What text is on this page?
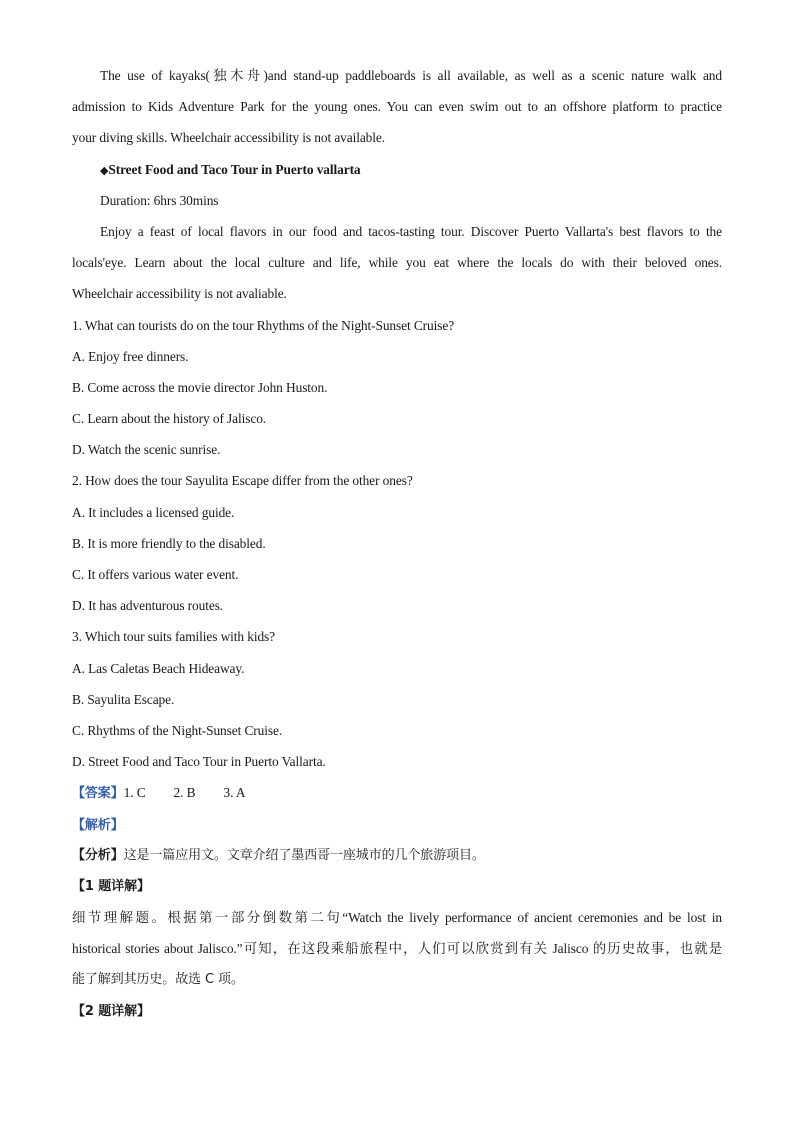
The use of kayaks(独木舟)and stand-up paddleboards is all available, as well as a scenic nature walk and
admission to Kids Adventure Park for the young ones. You can even swim out to an offshore platform to practice
your diving skills. Wheelchair accessibility is not available.
◆Street Food and Taco Tour in Puerto vallarta
Duration: 6hrs 30mins
Enjoy a feast of local flavors in our food and tacos-tasting tour. Discover Puerto Vallarta's best flavors to the
locals'eye. Learn about the local culture and life, while you eat where the locals do with their beloved ones.
Wheelchair accessibility is not avaliable.
1. What can tourists do on the tour Rhythms of the Night-Sunset Cruise?
A. Enjoy free dinners.
B. Come across the movie director John Huston.
C. Learn about the history of Jalisco.
D. Watch the scenic sunrise.
2. How does the tour Sayulita Escape differ from the other ones?
A. It includes a licensed guide.
B. It is more friendly to the disabled.
C. It offers various water event.
D. It has adventurous routes.
3. Which tour suits families with kids?
A. Las Caletas Beach Hideaway.
B. Sayulita Escape.
C. Rhythms of the Night-Sunset Cruise.
D. Street Food and Taco Tour in Puerto Vallarta.
【答案】1. C 2. B 3. A
【解析】
【分析】这是一篇应用文。文章介绍了墨西哥一座城市的几个旅游项目。
【1 题详解】
细节理解题。根据第一部分倒数第二句“Watch the lively performance of ancient ceremonies and be lost in
historical stories about Jalisco.”可知，在这段乘船旅程中，人们可以欣赏到有关 Jalisco 的历史故事，也就是
能了解到其历史。故选 C 项。
【2 题详解】
